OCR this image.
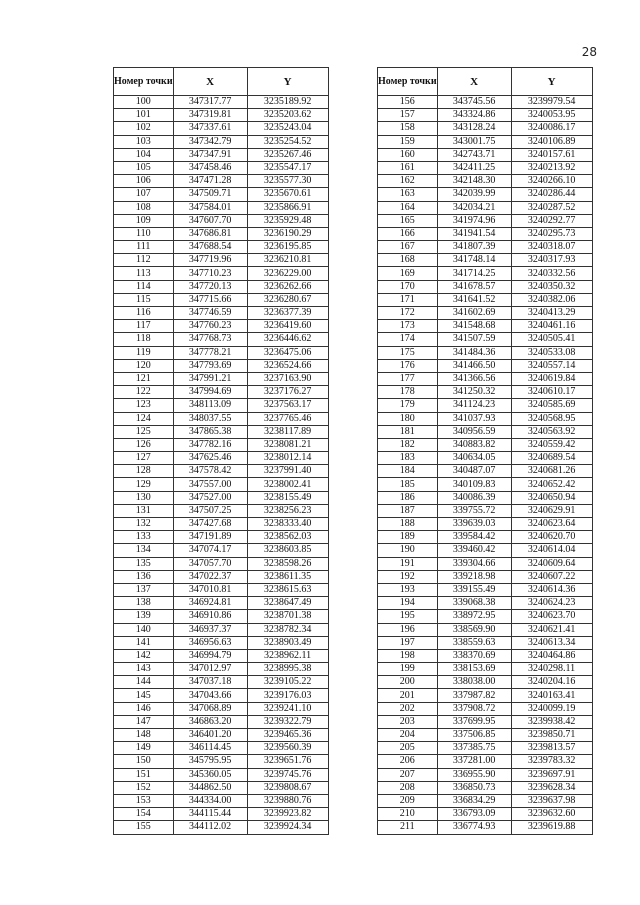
28
Номер точки	X	Y
100	347317.77	3235189.92
101	347319.81	3235203.62
102	347337.61	3235243.04
103	347342.79	3235254.52
104	347347.91	3235267.46
105	347458.46	3235547.17
106	347471.28	3235577.30
107	347509.71	3235670.61
108	347584.01	3235866.91
109	347607.70	3235929.48
110	347686.81	3236190.29
111	347688.54	3236195.85
112	347719.96	3236210.81
113	347710.23	3236229.00
114	347720.13	3236262.66
115	347715.66	3236280.67
116	347746.59	3236377.39
117	347760.23	3236419.60
118	347768.73	3236446.62
119	347778.21	3236475.06
120	347793.69	3236524.66
121	347991.21	3237163.90
122	347994.69	3237176.27
123	348113.09	3237563.17
124	348037.55	3237765.46
125	347865.38	3238117.89
126	347782.16	3238081.21
127	347625.46	3238012.14
128	347578.42	3237991.40
129	347557.00	3238002.41
130	347527.00	3238155.49
131	347507.25	3238256.23
132	347427.68	3238333.40
133	347191.89	3238562.03
134	347074.17	3238603.85
135	347057.70	3238598.26
136	347022.37	3238611.35
137	347010.81	3238615.63
138	346924.81	3238647.49
139	346910.86	3238701.38
140	346937.37	3238782.34
141	346956.63	3238903.49
142	346994.79	3238962.11
143	347012.97	3238995.38
144	347037.18	3239105.22
145	347043.66	3239176.03
146	347068.89	3239241.10
147	346863.20	3239322.79
148	346401.20	3239465.36
149	346114.45	3239560.39
150	345795.95	3239651.76
151	345360.05	3239745.76
152	344862.50	3239808.67
153	344334.00	3239880.76
154	344115.44	3239923.82
155	344112.02	3239924.34
Номер точки	X	Y
156	343745.56	3239979.54
157	343324.86	3240053.95
158	343128.24	3240086.17
159	343001.75	3240106.89
160	342743.71	3240157.61
161	342411.25	3240213.92
162	342148.30	3240266.10
163	342039.99	3240286.44
164	342034.21	3240287.52
165	341974.96	3240292.77
166	341941.54	3240295.73
167	341807.39	3240318.07
168	341748.14	3240317.93
169	341714.25	3240332.56
170	341678.57	3240350.32
171	341641.52	3240382.06
172	341602.69	3240413.29
173	341548.68	3240461.16
174	341507.59	3240505.41
175	341484.36	3240533.08
176	341466.50	3240557.14
177	341366.56	3240619.84
178	341250.32	3240610.17
179	341124.23	3240585.69
180	341037.93	3240568.95
181	340956.59	3240563.92
182	340883.82	3240559.42
183	340634.05	3240689.54
184	340487.07	3240681.26
185	340109.83	3240652.42
186	340086.39	3240650.94
187	339755.72	3240629.91
188	339639.03	3240623.64
189	339584.42	3240620.70
190	339460.42	3240614.04
191	339304.66	3240609.64
192	339218.98	3240607.22
193	339155.49	3240614.36
194	339068.38	3240624.23
195	338972.95	3240623.70
196	338569.90	3240621.41
197	338559.63	3240613.34
198	338370.69	3240464.86
199	338153.69	3240298.11
200	338038.00	3240204.16
201	337987.82	3240163.41
202	337908.72	3240099.19
203	337699.95	3239938.42
204	337506.85	3239850.71
205	337385.75	3239813.57
206	337281.00	3239783.32
207	336955.90	3239697.91
208	336850.73	3239628.34
209	336834.29	3239637.98
210	336793.09	3239632.60
211	336774.93	3239619.88
